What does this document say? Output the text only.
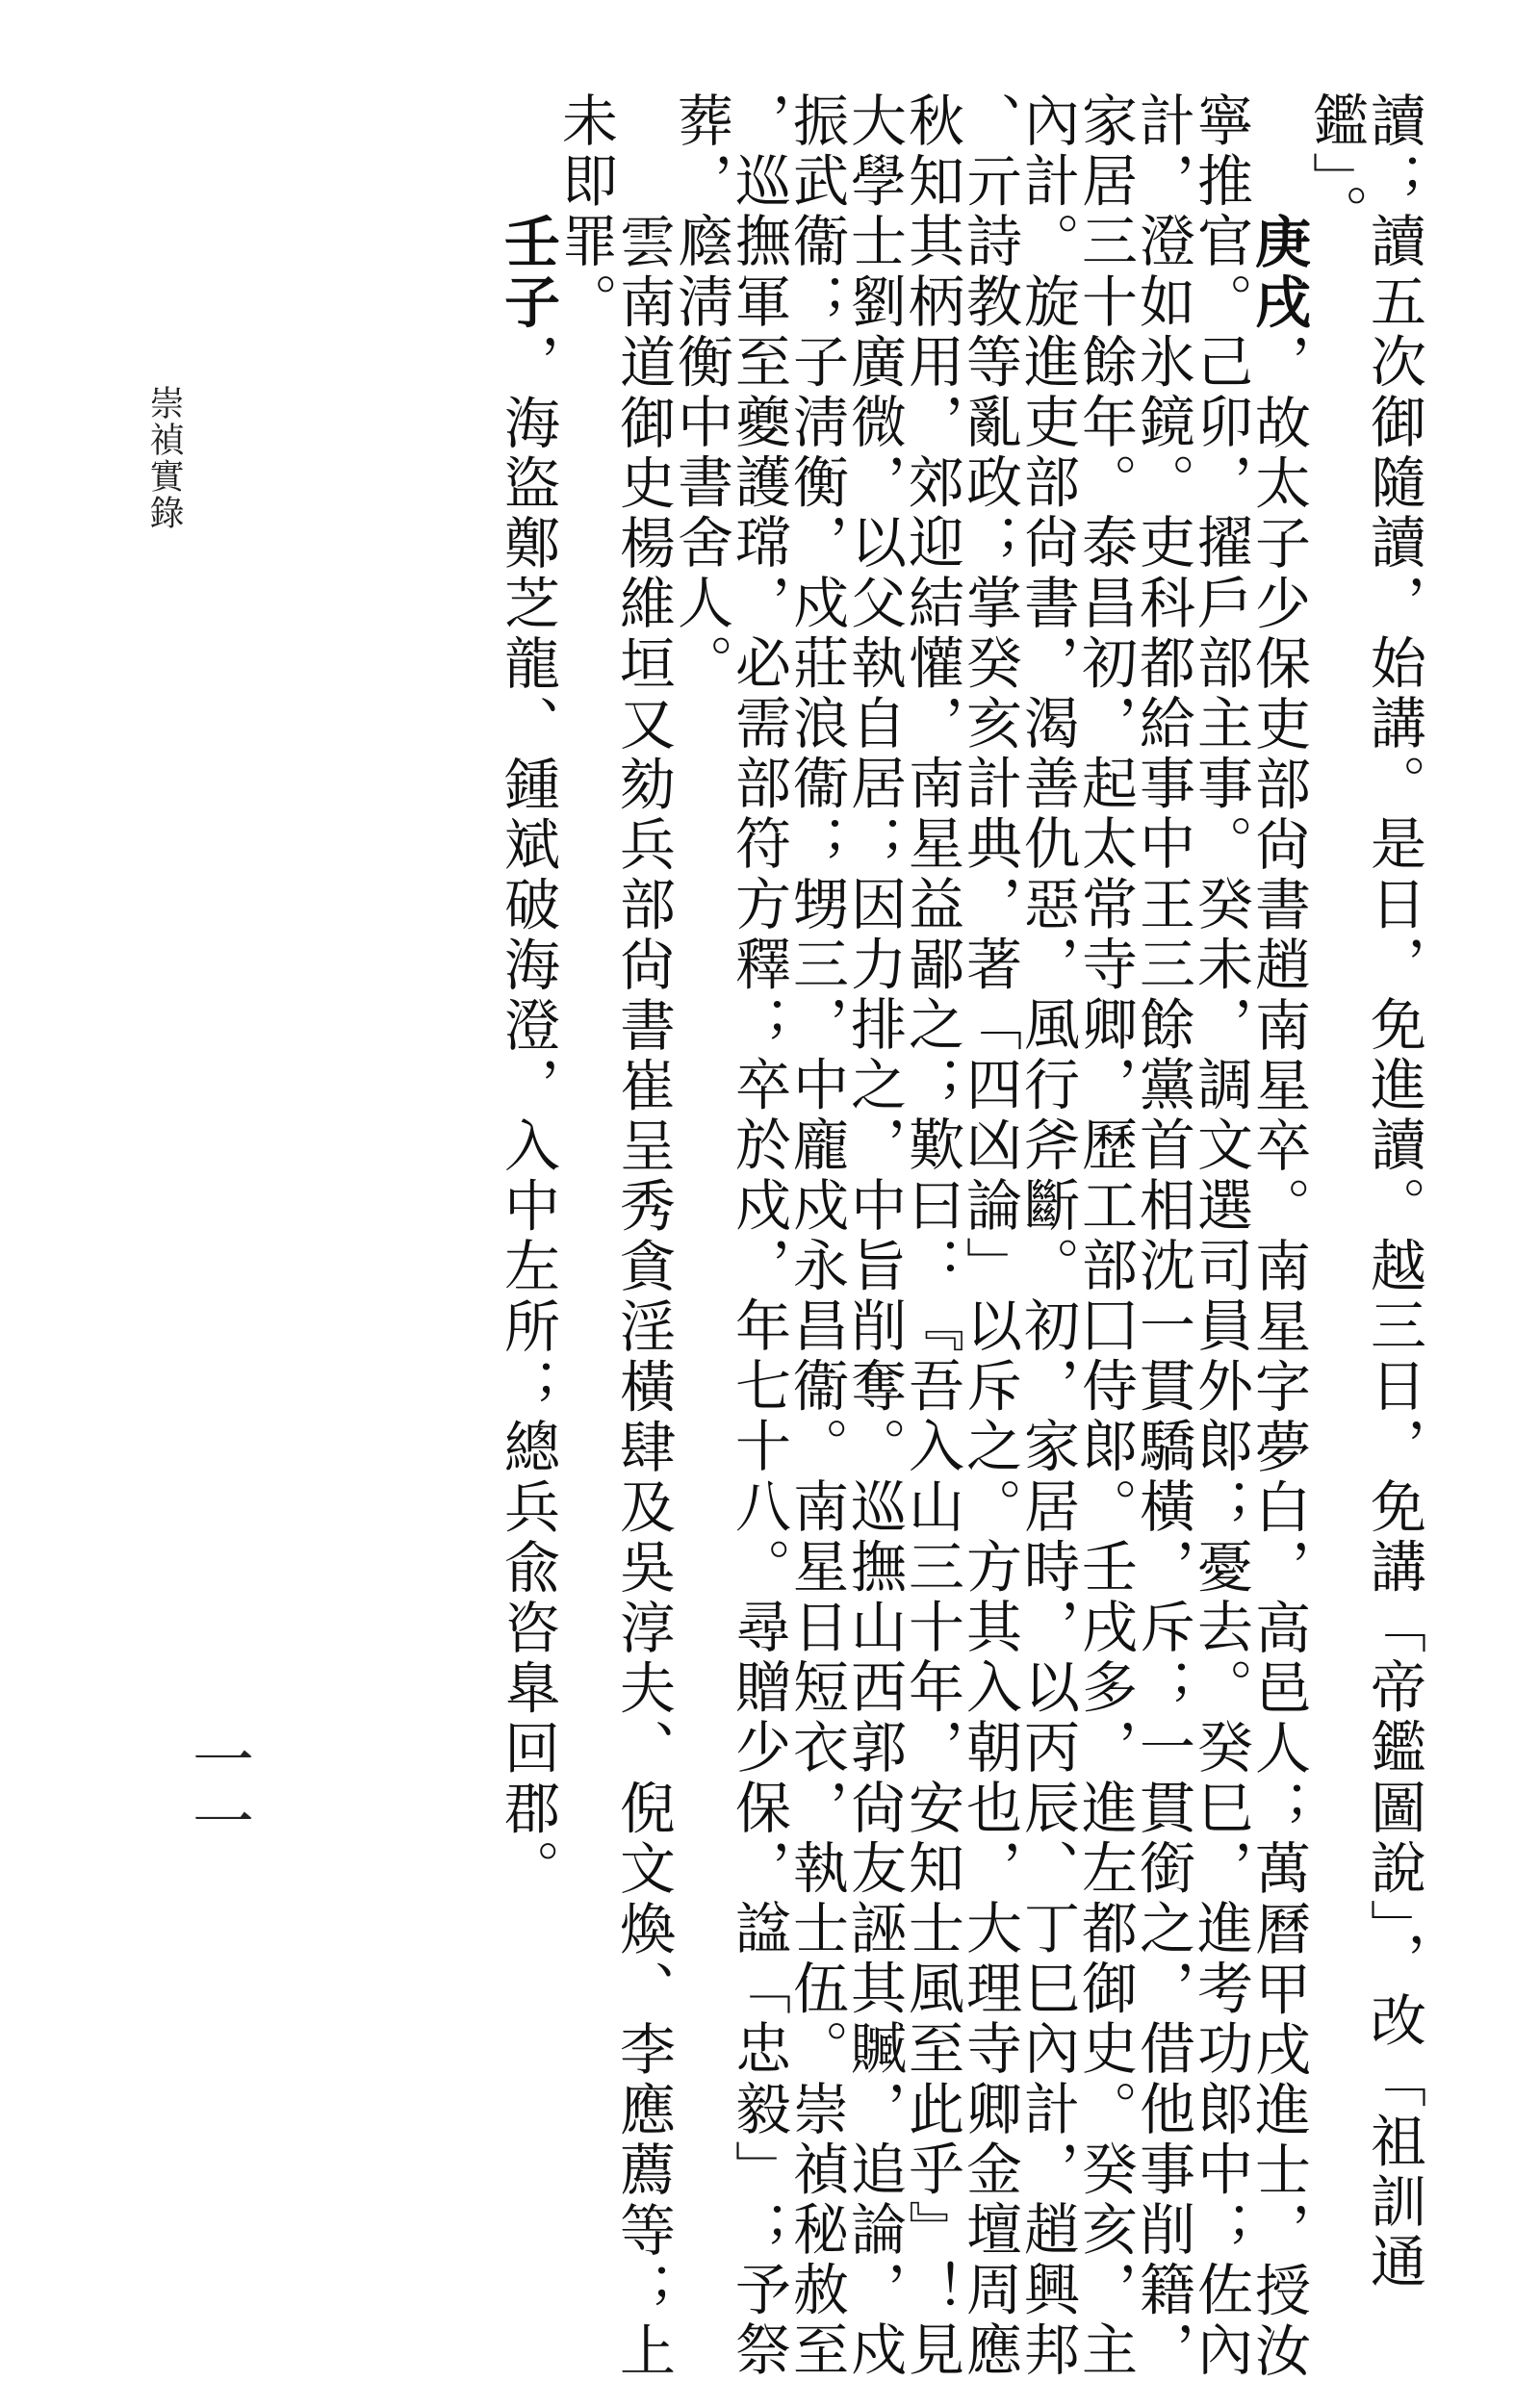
讀；讀五次御隨讀，始講。是日，免進讀。越三日，免講「帝鑑圖說」，改「祖訓通
鑑」。
庚戌，故太子少保吏部尙書趙南星卒。南星字夢白，高邑人；萬曆甲戌進士，授汝
寧推官。己卯，擢戶部主事。癸未，調文選司員外郞；憂去。癸巳，進考功郞中；佐內
計，澄如氷鏡。吏科都給事中王三餘黨首相沈一貫驕橫，斥；一貫銜之，借他事削籍，
家居三十餘年。泰昌初，起太常寺卿，歷工部囗侍郞。壬戌多，進左都御史。癸亥，主
內計。旋進吏部尙書，渴善仇惡，風行斧斷。初，家居時，以丙辰、丁巳內計，趙興邦
、亓詩教等亂政；掌癸亥計典，著「四凶論」以斥之。方其入朝也，大理寺卿金壇周應
秋知其柄用，郊迎結懽，南星益鄙之；歎曰：『吾入山三十年，安知士風至此乎』！見
大學士劉廣微，以父執自居；因力排之，中旨削奪。巡撫山西郭尙友誣其贓，追論，戍
振武衞；子淸衡，戍莊浪衞；甥三，中龐戍永昌衞。南星日短衣，執士伍。崇禎秘赦至
，巡撫軍至夔護瑺，必需部符方釋；卒於戍，年七十八。尋贈少保，諡「忠毅」；予祭
葬，廕淸衡中書舍人。
雲南道御史楊維垣又劾兵部尙書崔呈秀貪淫橫肆及吳淳夫、倪文煥、李應薦等；上
未即罪。
壬子，海盜鄭芝龍、鍾斌破海澄，入中左所；總兵兪咨臯回郡。
崇禎實錄
一一
